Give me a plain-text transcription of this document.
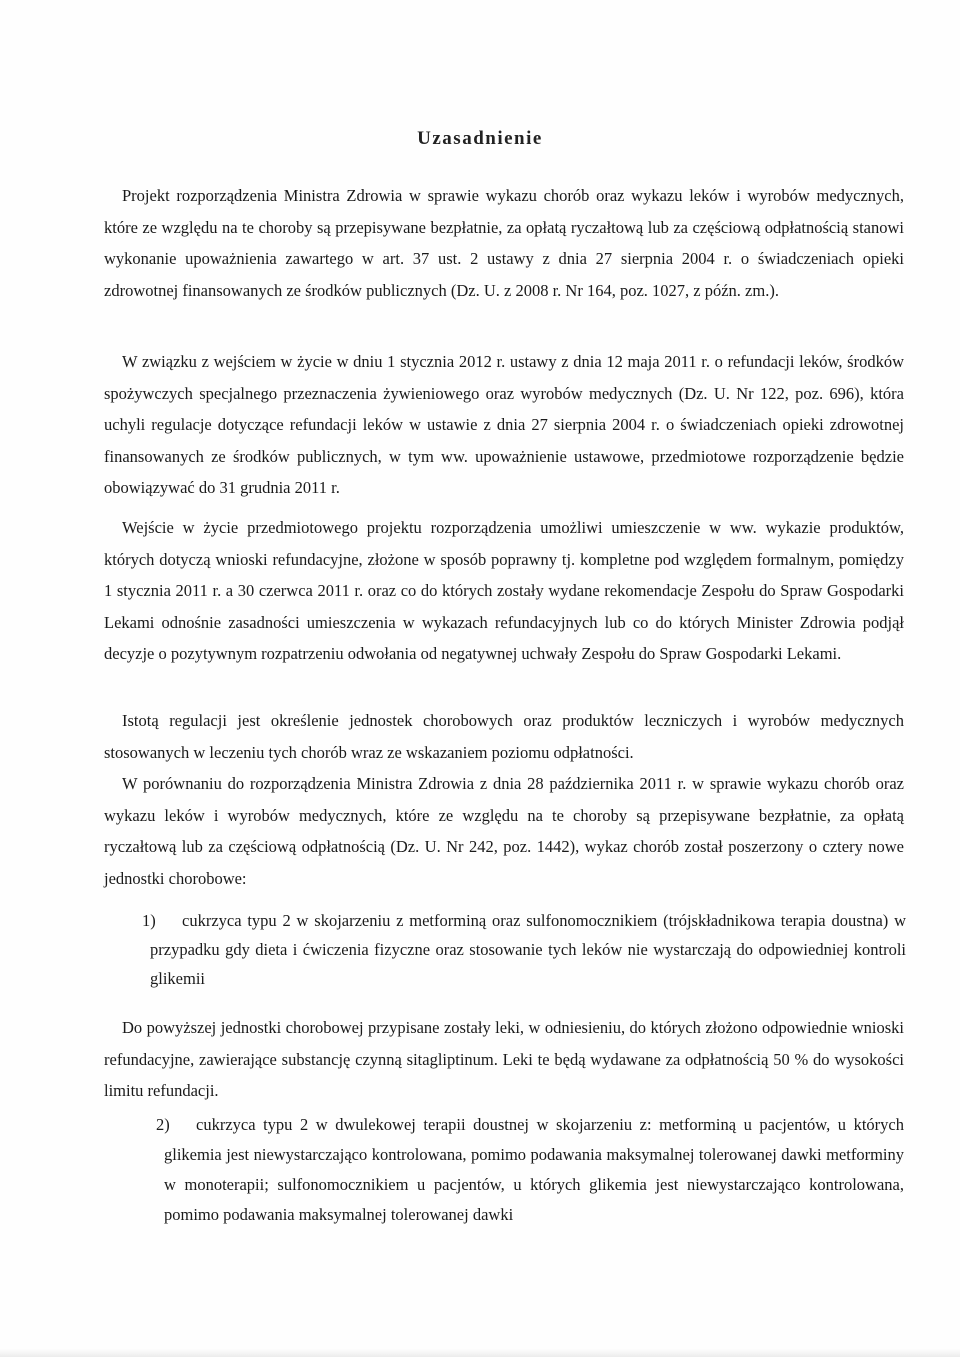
Uzasadnienie

Projekt rozporządzenia Ministra Zdrowia w sprawie wykazu chorób oraz wykazu leków i wyrobów medycznych, które ze względu na te choroby są przepisywane bezpłatnie, za opłatą ryczałtową lub za częściową odpłatnością stanowi wykonanie upoważnienia zawartego w art. 37 ust. 2 ustawy z dnia 27 sierpnia 2004 r. o świadczeniach opieki zdrowotnej finansowanych ze środków publicznych (Dz. U. z 2008 r. Nr 164, poz. 1027, z późn. zm.).

W związku z wejściem w życie w dniu 1 stycznia 2012 r. ustawy z dnia 12 maja 2011 r. o refundacji leków, środków spożywczych specjalnego przeznaczenia żywieniowego oraz wyrobów medycznych (Dz. U. Nr 122, poz. 696), która uchyli regulacje dotyczące refundacji leków w ustawie z dnia 27 sierpnia 2004 r. o świadczeniach opieki zdrowotnej finansowanych ze środków publicznych, w tym ww. upoważnienie ustawowe, przedmiotowe rozporządzenie będzie obowiązywać do 31 grudnia 2011 r.

Wejście w życie przedmiotowego projektu rozporządzenia umożliwi umieszczenie w ww. wykazie produktów, których dotyczą wnioski refundacyjne, złożone w sposób poprawny tj. kompletne pod względem formalnym, pomiędzy 1 stycznia 2011 r. a 30 czerwca 2011 r. oraz co do których zostały wydane rekomendacje Zespołu do Spraw Gospodarki Lekami odnośnie zasadności umieszczenia w wykazach refundacyjnych lub co do których Minister Zdrowia podjął decyzje o pozytywnym rozpatrzeniu odwołania od negatywnej uchwały Zespołu do Spraw Gospodarki Lekami.

Istotą regulacji jest określenie jednostek chorobowych oraz produktów leczniczych i wyrobów medycznych stosowanych w leczeniu tych chorób wraz ze wskazaniem poziomu odpłatności.

W porównaniu do rozporządzenia Ministra Zdrowia z dnia 28 października 2011 r. w sprawie wykazu chorób oraz wykazu leków i wyrobów medycznych, które ze względu na te choroby są przepisywane bezpłatnie, za opłatą ryczałtową lub za częściową odpłatnością (Dz. U. Nr 242, poz. 1442), wykaz chorób został poszerzony o cztery nowe jednostki chorobowe:

1)	cukrzyca typu 2 w skojarzeniu z metforminą oraz sulfonomocznikiem (trójskładnikowa terapia doustna) w przypadku gdy dieta i ćwiczenia fizyczne oraz stosowanie tych leków nie wystarczają do odpowiedniej kontroli glikemii

Do powyższej jednostki chorobowej przypisane zostały leki, w odniesieniu, do których złożono odpowiednie wnioski refundacyjne, zawierające substancję czynną sitagliptinum. Leki te będą wydawane za odpłatnością 50 % do wysokości limitu refundacji.

2)	cukrzyca typu 2 w dwulekowej terapii doustnej w skojarzeniu z: metforminą u pacjentów, u których glikemia jest niewystarczająco kontrolowana, pomimo podawania maksymalnej tolerowanej dawki metforminy w monoterapii; sulfonomocznikiem u pacjentów, u których glikemia jest niewystarczająco kontrolowana, pomimo podawania maksymalnej tolerowanej dawki
